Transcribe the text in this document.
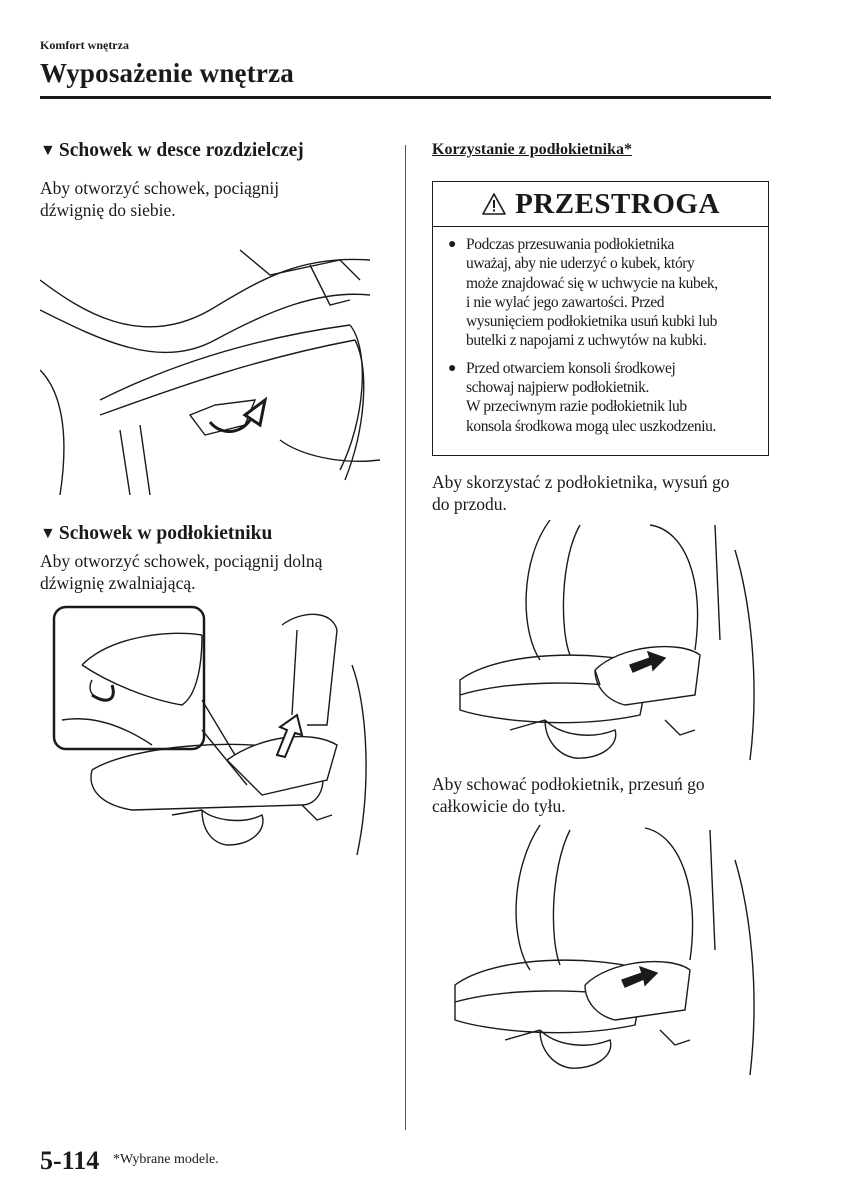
Komfort wnętrza
Wyposażenie wnętrza
▼ Schowek w desce rozdzielczej
Aby otworzyć schowek, pociągnij
dźwignię do siebie.
▼ Schowek w podłokietniku
Aby otworzyć schowek, pociągnij dolną
dźwignię zwalniającą.
Korzystanie z podłokietnika*
PRZESTROGA
● Podczas przesuwania podłokietnika
uważaj, aby nie uderzyć o kubek, który
może znajdować się w uchwycie na kubek,
i nie wylać jego zawartości. Przed
wysunięciem podłokietnika usuń kubki lub
butelki z napojami z uchwytów na kubki.
● Przed otwarciem konsoli środkowej
schowaj najpierw podłokietnik.
W przeciwnym razie podłokietnik lub
konsola środkowa mogą ulec uszkodzeniu.
Aby skorzystać z podłokietnika, wysuń go
do przodu.
Aby schować podłokietnik, przesuń go
całkowicie do tyłu.
5-114 *Wybrane modele.
